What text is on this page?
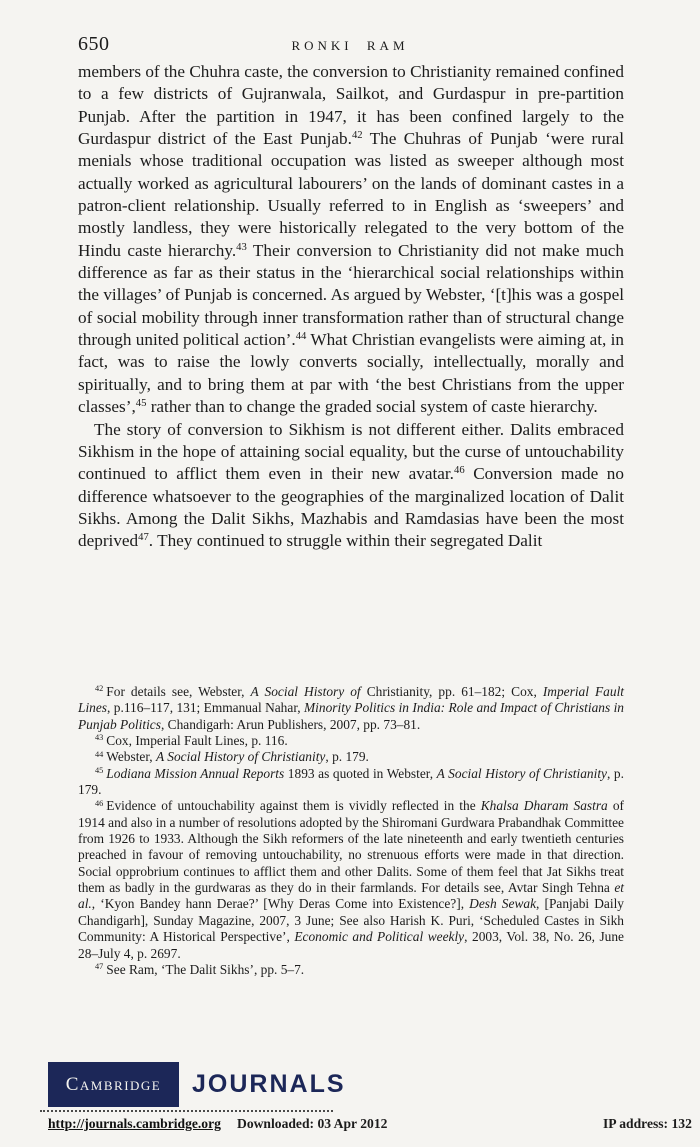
650	RONKI RAM

members of the Chuhra caste, the conversion to Christianity remained confined to a few districts of Gujranwala, Sailkot, and Gurdaspur in pre-partition Punjab. After the partition in 1947, it has been confined largely to the Gurdaspur district of the East Punjab.$^{42}$ The Chuhras of Punjab ‘were rural menials whose traditional occupation was listed as sweeper although most actually worked as agricultural labourers’ on the lands of dominant castes in a patron-client relationship. Usually referred to in English as ‘sweepers’ and mostly landless, they were historically relegated to the very bottom of the Hindu caste hierarchy.$^{43}$ Their conversion to Christianity did not make much difference as far as their status in the ‘hierarchical social relationships within the villages’ of Punjab is concerned. As argued by Webster, ‘[t]his was a gospel of social mobility through inner transformation rather than of structural change through united political action’.$^{44}$ What Christian evangelists were aiming at, in fact, was to raise the lowly converts socially, intellectually, morally and spiritually, and to bring them at par with ‘the best Christians from the upper classes’,$^{45}$ rather than to change the graded social system of caste hierarchy.

The story of conversion to Sikhism is not different either. Dalits embraced Sikhism in the hope of attaining social equality, but the curse of untouchability continued to afflict them even in their new avatar.$^{46}$ Conversion made no difference whatsoever to the geographies of the marginalized location of Dalit Sikhs. Among the Dalit Sikhs, Mazhabis and Ramdasias have been the most deprived$^{47}$. They continued to struggle within their segregated Dalit

$^{42}$ For details see, Webster, A Social History of Christianity, pp. 61–182; Cox, Imperial Fault Lines, p.116–117, 131; Emmanual Nahar, Minority Politics in India: Role and Impact of Christians in Punjab Politics, Chandigarh: Arun Publishers, 2007, pp. 73–81.

$^{43}$ Cox, Imperial Fault Lines, p. 116.

$^{44}$ Webster, A Social History of Christianity, p. 179.

$^{45}$ Lodiana Mission Annual Reports 1893 as quoted in Webster, A Social History of Christianity, p. 179.

$^{46}$ Evidence of untouchability against them is vividly reflected in the Khalsa Dharam Sastra of 1914 and also in a number of resolutions adopted by the Shiromani Gurdwara Prabandhak Committee from 1926 to 1933. Although the Sikh reformers of the late nineteenth and early twentieth centuries preached in favour of removing untouchability, no strenuous efforts were made in that direction. Social opprobrium continues to afflict them and other Dalits. Some of them feel that Jat Sikhs treat them as badly in the gurdwaras as they do in their farmlands. For details see, Avtar Singh Tehna et al., ‘Kyon Bandey hann Derae?’ [Why Deras Come into Existence?], Desh Sewak, [Panjabi Daily Chandigarh], Sunday Magazine, 2007, 3 June; See also Harish K. Puri, ‘Scheduled Castes in Sikh Community: A Historical Perspective’, Economic and Political weekly, 2003, Vol. 38, No. 26, June 28–July 4, p. 2697.

$^{47}$ See Ram, ‘The Dalit Sikhs’, pp. 5–7.

Cambridge JOURNALS
http://journals.cambridge.org Downloaded: 03 Apr 2012	IP address: 132
